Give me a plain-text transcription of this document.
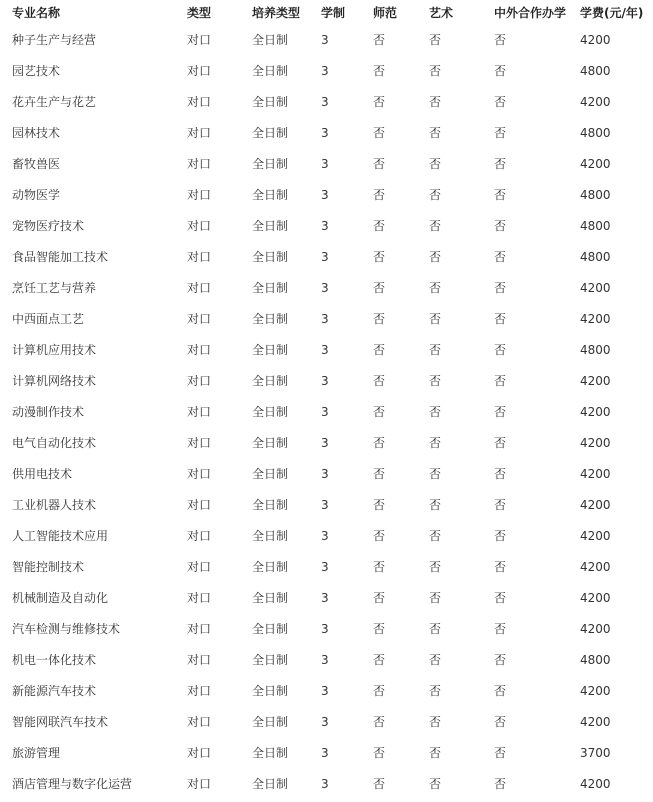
专业名称	类型	培养类型	学制	师范	艺术	中外合作办学	学费(元/年)
种子生产与经营	对口	全日制	3	否	否	否	4200
园艺技术	对口	全日制	3	否	否	否	4800
花卉生产与花艺	对口	全日制	3	否	否	否	4200
园林技术	对口	全日制	3	否	否	否	4800
畜牧兽医	对口	全日制	3	否	否	否	4200
动物医学	对口	全日制	3	否	否	否	4800
宠物医疗技术	对口	全日制	3	否	否	否	4800
食品智能加工技术	对口	全日制	3	否	否	否	4800
烹饪工艺与营养	对口	全日制	3	否	否	否	4200
中西面点工艺	对口	全日制	3	否	否	否	4200
计算机应用技术	对口	全日制	3	否	否	否	4800
计算机网络技术	对口	全日制	3	否	否	否	4200
动漫制作技术	对口	全日制	3	否	否	否	4200
电气自动化技术	对口	全日制	3	否	否	否	4200
供用电技术	对口	全日制	3	否	否	否	4200
工业机器人技术	对口	全日制	3	否	否	否	4200
人工智能技术应用	对口	全日制	3	否	否	否	4200
智能控制技术	对口	全日制	3	否	否	否	4200
机械制造及自动化	对口	全日制	3	否	否	否	4200
汽车检测与维修技术	对口	全日制	3	否	否	否	4200
机电一体化技术	对口	全日制	3	否	否	否	4800
新能源汽车技术	对口	全日制	3	否	否	否	4200
智能网联汽车技术	对口	全日制	3	否	否	否	4200
旅游管理	对口	全日制	3	否	否	否	3700
酒店管理与数字化运营	对口	全日制	3	否	否	否	4200
